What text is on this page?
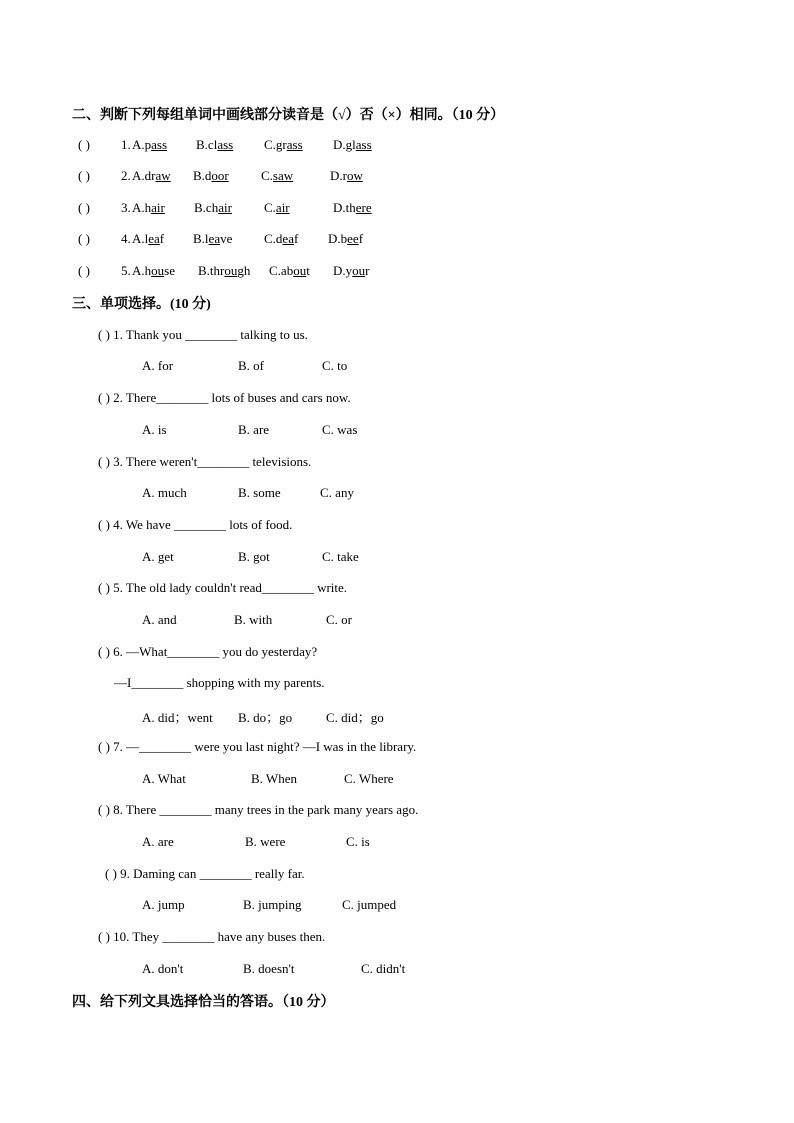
二、判断下列每组单词中画线部分读音是（√）否（×）相同。（10 分）
( ) 1. A.pass B.class C.grass D.glass
( ) 2. A.draw B.door C.saw	D.row
( ) 3. A.hair B.chair C.air	D.there
( ) 4. A.leaf B.leave C.deaf D.beef
( ) 5. A.house B.through C.about D.your
三、单项选择。(10 分)
( ) 1. Thank you ________ talking to us.
A. for	B. of	C. to
( ) 2. There________ lots of buses and cars now.
A. is	B. are	C. was
( ) 3. There weren't________ televisions.
A. much	B. some	C. any
( ) 4. We have ________ lots of food.
A. get	B. got	C. take
( ) 5. The old lady couldn't read________ write.
A. and	B. with	C. or
( ) 6. —What________ you do yesterday?
—I________ shopping with my parents.
A. did；went B. do；go	C. did；go
( ) 7. —________ were you last night? —I was in the library.
A. What	B. When	C. Where
( ) 8. There ________ many trees in the park many years ago.
A. are	B. were	C. is
( ) 9. Daming can ________ really far.
A. jump	B. jumping	C. jumped
( ) 10. They ________ have any buses then.
A. don't	B. doesn't	C. didn't
四、给下列文具选择恰当的答语。（10 分）
